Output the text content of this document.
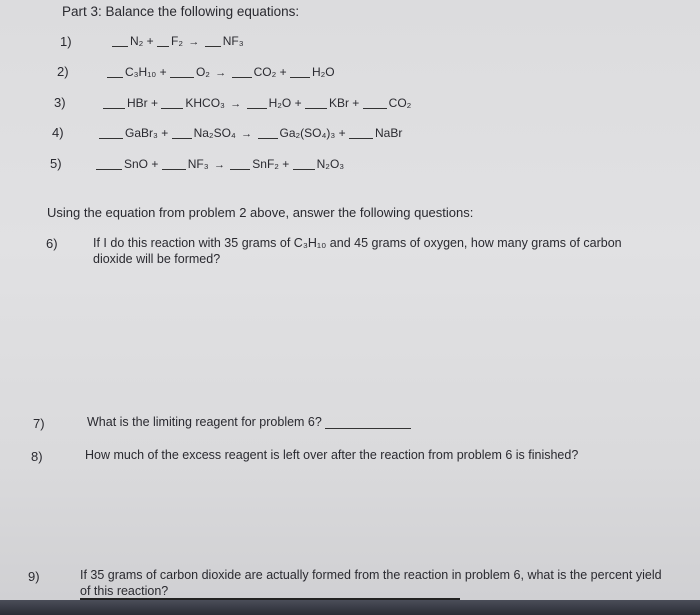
Part 3: Balance the following equations:
1)	N₂ + F₂ → NF₃
2)	C₃H₁₀ + O₂ → CO₂ + H₂O
3)	HBr + KHCO₃ → H₂O + KBr + CO₂
4)	GaBr₃ + Na₂SO₄ → Ga₂(SO₄)₃ + NaBr
5)	SnO + NF₃ → SnF₂ + N₂O₃
Using the equation from problem 2 above, answer the following questions:
6)	If I do this reaction with 35 grams of C₃H₁₀ and 45 grams of oxygen, how many grams of carbon dioxide will be formed?
7)	What is the limiting reagent for problem 6?
8)	How much of the excess reagent is left over after the reaction from problem 6 is finished?
9)	If 35 grams of carbon dioxide are actually formed from the reaction in problem 6, what is the percent yield of this reaction?
